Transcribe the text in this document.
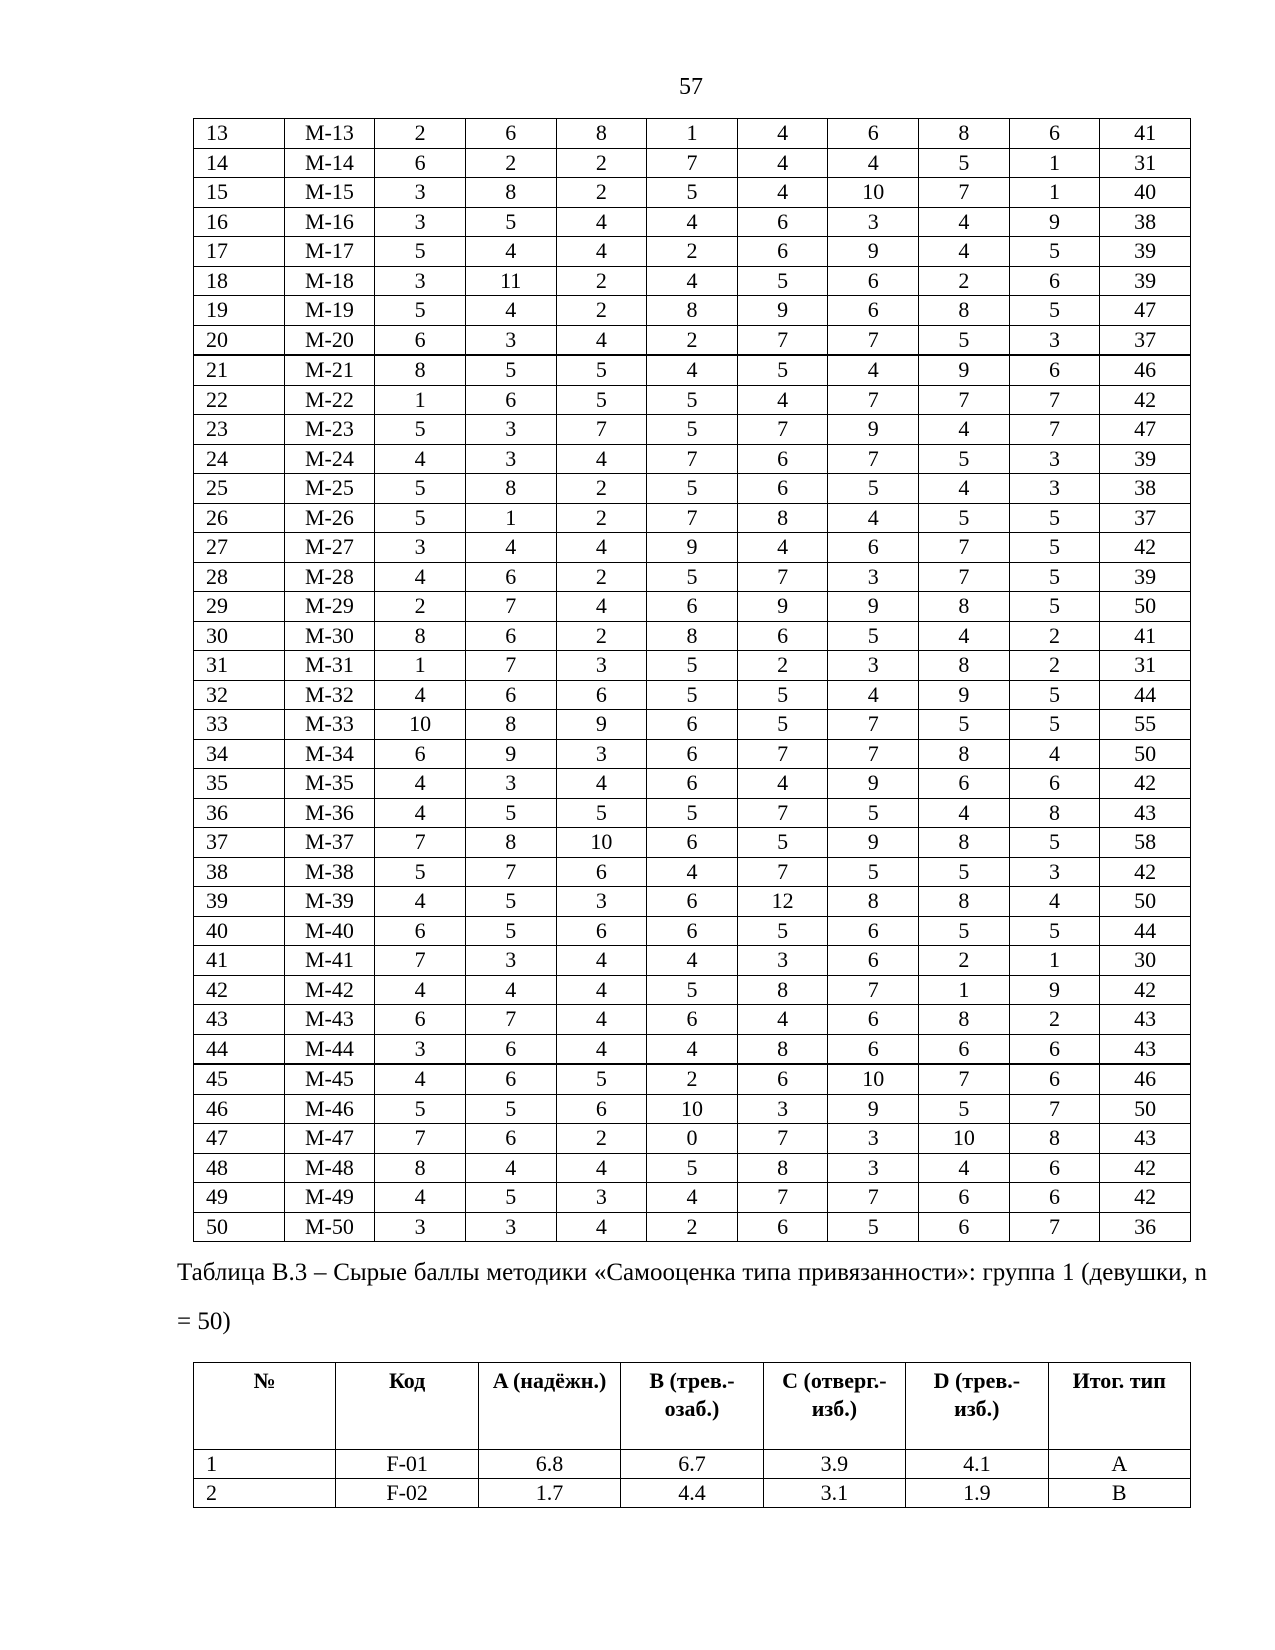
57
13	М-13	2	6	8	1	4	6	8	6	41
14	М-14	6	2	2	7	4	4	5	1	31
15	М-15	3	8	2	5	4	10	7	1	40
16	М-16	3	5	4	4	6	3	4	9	38
17	М-17	5	4	4	2	6	9	4	5	39
18	М-18	3	11	2	4	5	6	2	6	39
19	М-19	5	4	2	8	9	6	8	5	47
20	М-20	6	3	4	2	7	7	5	3	37
21	М-21	8	5	5	4	5	4	9	6	46
22	М-22	1	6	5	5	4	7	7	7	42
23	М-23	5	3	7	5	7	9	4	7	47
24	М-24	4	3	4	7	6	7	5	3	39
25	М-25	5	8	2	5	6	5	4	3	38
26	М-26	5	1	2	7	8	4	5	5	37
27	М-27	3	4	4	9	4	6	7	5	42
28	М-28	4	6	2	5	7	3	7	5	39
29	М-29	2	7	4	6	9	9	8	5	50
30	М-30	8	6	2	8	6	5	4	2	41
31	М-31	1	7	3	5	2	3	8	2	31
32	М-32	4	6	6	5	5	4	9	5	44
33	М-33	10	8	9	6	5	7	5	5	55
34	М-34	6	9	3	6	7	7	8	4	50
35	М-35	4	3	4	6	4	9	6	6	42
36	М-36	4	5	5	5	7	5	4	8	43
37	М-37	7	8	10	6	5	9	8	5	58
38	М-38	5	7	6	4	7	5	5	3	42
39	М-39	4	5	3	6	12	8	8	4	50
40	М-40	6	5	6	6	5	6	5	5	44
41	М-41	7	3	4	4	3	6	2	1	30
42	М-42	4	4	4	5	8	7	1	9	42
43	М-43	6	7	4	6	4	6	8	2	43
44	М-44	3	6	4	4	8	6	6	6	43
45	М-45	4	6	5	2	6	10	7	6	46
46	М-46	5	5	6	10	3	9	5	7	50
47	М-47	7	6	2	0	7	3	10	8	43
48	М-48	8	4	4	5	8	3	4	6	42
49	М-49	4	5	3	4	7	7	6	6	42
50	М-50	3	3	4	2	6	5	6	7	36
Таблица В.3 – Сырые баллы методики «Самооценка типа привязанности»: группа 1 (девушки, n = 50)
№	Код	A (надёжн.)	B (трев.-озаб.)	C (отверг.-изб.)	D (трев.-изб.)	Итог. тип
1	F-01	6.8	6.7	3.9	4.1	A
2	F-02	1.7	4.4	3.1	1.9	B
